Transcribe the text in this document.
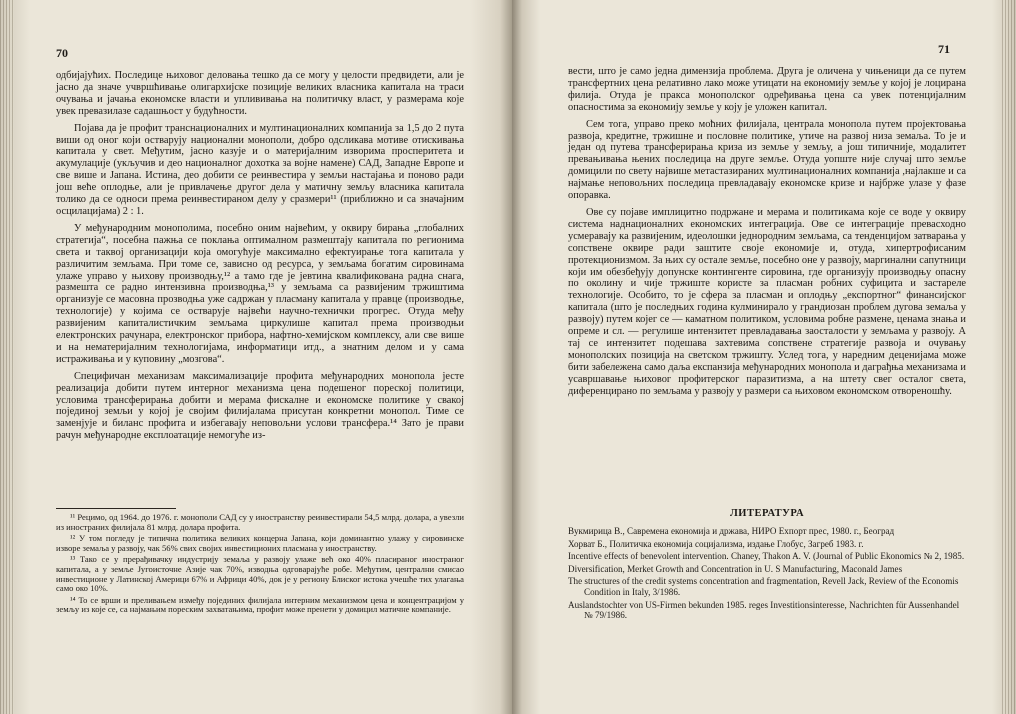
70

одбијајућих. Последице њиховог деловања тешко да се могу у целости предвидети, али је јасно да значе учвршћивање олигархијске позиције великих власника капитала на траси очувања и јачања економске власти и уплививања на политичку власт, у размерама које увек превазилазе садашњост у будућности.

Појава да је профит транснационалних и мултинационалних компанија за 1,5 до 2 пута виши од оног који остварују национални монополи, добро одсликава мотиве отискивања капитала у свет. Међутим, јасно казује и о материјалним изворима просперитета и акумулације (укључив и део националног дохотка за војне намене) САД, Западне Европе и све више и Јапана. Истина, део добити се реинвестира у земљи настајања и поново ради још веће оплодње, али је привлачење другог дела у матичну земљу власника капитала толико да се односи према реинвестираном делу у сразмери¹¹ (приближно и са значајним осцилацијама) 2 : 1.

У међународним монополима, посебно оним највећим, у оквиру бирања „глобалних стратегија“, посебна пажња се поклања оптималном размештају капитала по регионима света и таквој организацији која омогућује максимално ефектуирање тога капитала у различитим земљама. При томе се, зависно од ресурса, у земљама богатим сировинама улаже управо у њихову производњу,¹² а тамо где је јевтина квалификована радна снага, размешта се радно интензивна производња,¹³ у земљама са развијеним тржиштима организује се масовна прозводња уже садржан у пласману капитала у правце (производње, технологије) у којима се остварује највећи научно-технички прогрес. Отуда међу развијеним капиталистичким земљама циркулише капитал према производњи електронских рачунара, електронског прибора, нафтно-хемијском комплексу, али све више и на нематеријалним технологијама, информатици итд., а знатним делом и у сама истраживања и у куповину „мозгова“.

Специфичан механизам максимализације профита међународних монопола јесте реализација добити путем интерног механизма цена подешеног пореској политици, условима трансферирања добити и мерама фискалне и економске политике у свакој појединој земљи у којој је својим филијалама присутан конкретни монопол. Тиме се заменјује и биланс профита и избегавају неповољни услови трансфера.¹⁴ Зато је прави рачун међународне експлоатације немогуће из-

¹¹ Рецимо, од 1964. до 1976. г. монополи САД су у иностранству реинвестирали 54,5 млрд. долара, а увезли из иностраних филијала 81 млрд. долара профита.

¹² У том погледу је типична политика великих концерна Јапана, који доминантно улажу у сировинске изворе земаља у развоју, чак 56% свих својих инвестиционих пласмана у иностранству.

¹³ Тако се у прерађивачку индустрију земаља у развоју улаже већ око 40% пласираног иностраног капитала, а у земље Југоисточне Азије чак 70%, изводња одговарајуће робе. Међутим, централни смисао инвестиционе у Латинској Америци 67% и Африци 40%, док је у региону Блиског истока учешће тих улагања само око 10%.

¹⁴ То се врши и преливањем између појединих филијала интерним механизмом цена и концентрацијом у земљу из које се, са најмањим пореским захватањима, профит може пренети у домицил матичне компаније.

71

вести, што је само једна димензија проблема. Друга је оличена у чињеници да се путем трансфертних цена релативно лако може утицати на економију земље у којој је лоцирана филија. Отуда је пракса монополског одређивања цена са увек потенцијалним опасностима за економију земље у коју је уложен капитал.

Сем тога, управо преко моћних филијала, централа монопола путем пројектовања развоја, кредитне, тржишне и пословне политике, утиче на развој низа земаља. То је и један од путева трансферирања криза из земље у земљу, а још типичније, модалитет превањивања њених последица на друге земље. Отуда уопште није случај што земље домицили по свету највише метастазираних мултинационалних компанија ,најлакше и са најмање неповољних последица превладавају економске кризе и најбрже улазе у фазе опоравка.

Ове су појаве имплицитно подржане и мерама и политикама које се воде у оквиру система наднационалних економских интеграција. Ове се интеграције превасходно усмеравају ка развијеним, идеолошки једнородним земљама, са тенденцијом затварања у сопствене оквире ради заштите своје економије и, отуда, хипертрофисаним протекционизмом. За њих су остале земље, посебно оне у развоју, маргинални сапутници који им обезбеђују допунске контингенте сировина, где организују производњу опасну по околину и чије тржиште користе за пласман робних суфицита и застареле технологије. Особито, то је сфера за пласман и оплодњу „експортног“ финансијског капитала (што је последњих година кулминирало у грандиозан проблем дугова земаља у развоју) путем којег се — каматном политиком, условима робне размене, ценама знања и опреме и сл. — регулише интензитет превладавања заосталости у земљама у развоју. А тај се интензитет подешава захтевима сопствене стратегије развоја и очувању монополских позиција на светском тржишту. Услед тога, у наредним деценијама може бити забележена само даља експанзија међународних монопола и даграђња механизама и усавршавање њиховог профитерског паразитизма, а на штету свег осталог света, диференцирано по земљама у развоју у размери са њиховом економском отвореношћу.

ЛИТЕРАТУРА

Вукмирица В., Савремена економија и држава, НИРО Ехпорт прес, 1980. г., Београд

Хорват Б., Политичка економија социјализма, издање Глобус, Загреб 1983. г.

Incentive effects of benevolent intervention. Chaney, Thakon A. V. (Journal of Public Ekonomics № 2, 1985.

Diversification, Merket Growth and Concentration in U. S Manufacturing, Macоnald James

The structures of the credit systems concentration and fragmentation, Revell Jack, Review of the Economis Condition in Italy, 3/1986.

Auslandstochter von US-Firmen bekunden 1985. reges Investitionsinteresse, Nachrichten für Aussenhandel № 79/1986.
